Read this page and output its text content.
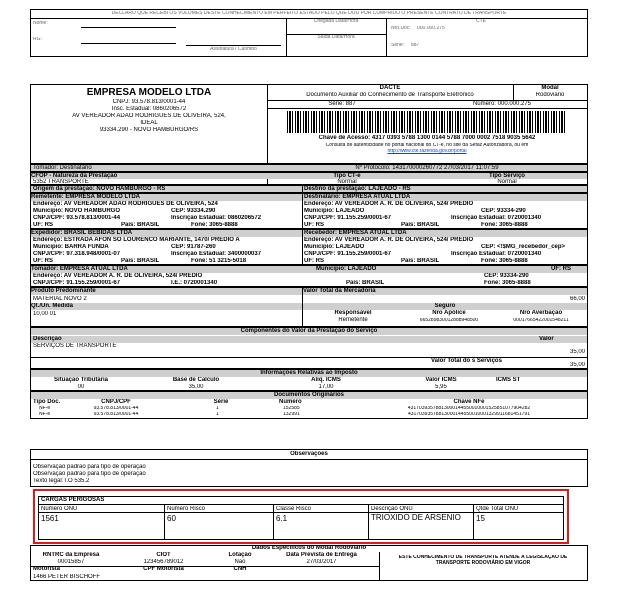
DECLARO QUE RECEBI OS VOLUMES DESTE CONHECIMENTO EM PERFEITO ESTADO PELO QUE DOU POR CUMPRIDO O PRESENTE CONTRATO DE TRANSPORTE
Nome:
RG:
Assinatura / Carimbo
Chegada Data/Hora
Saída Data/Hora
CTE
Nro.Doc: 000.000.275
Série: 887
EMPRESA MODELO LTDA
CNPJ: 93.578.813/0001-44
Insc. Estadual: 0860206572
AV VEREADOR ADAO RODRIGUES DE OLIVEIRA, 524,
IDEAL
93334.290 - NOVO HAMBURGO/RS
DACTE
Documento Auxiliar do Conhecimento de Transporte Eletrônico
Modal
Rodoviário
Série: 887	Número: 000.000.275
Chave de Acesso: 4317 0393 5788 1300 0144 5788 7000 0002 7518 9035 5642
Consulta de autenticidade no portal nacional do CT-e, no site da Sefaz Autorizadora, ou em
http://www.cte.fazenda.gov.br/portal
Tomador: Destinatário	Nº Protocolo: 143170000260772 27/03/2017 11:07:59
CFOP - Natureza da Prestação
5352 TRANSPORTE
Tipo CT-e
Normal
Tipo Serviço
Normal
Origem da prestação: NOVO HAMBURGO - RS	Destino da prestação: LAJEADO - RS
Remetente: EMPRESA MODELO LTDA
Endereço: AV VEREADOR ADAO RODRIGUES DE OLIVEIRA, 524
Município: NOVO HAMBURGO	CEP: 93334.290
CNPJ/CPF: 93.578.813/0001-44	Inscrição Estadual: 0860206572
UF: RS	País: BRASIL	Fone: 3065-8888
Destinatário: EMPRESA ATUAL LTDA
Endereço: AV VEREADOR A. R. DE OLIVEIRA, 524/ PREDIO
Município: LAJEADO	CEP: 93334-290
CNPJ/CPF: 91.155.259/0001-67	Inscrição Estadual: 0720001340
UF: RS	País: BRASIL	Fone: 3065-8888
Expedidor: BRASIL BEBIDAS LTDA
Endereço: ESTRADA AFON SO LOURENCO MARIANTE, 1470/ PREDIO A
Município: BARRA FUNDA	CEP: 91787-260
CNPJ/CPF: 97.318.948/0001-07	Inscrição Estadual: 3400000037
UF: RS	País: BRASIL	Fone: 51 3215-5018
Recebedor: EMPRESA ATUAL LTDA
Endereço: AV VEREADOR A. R. DE OLIVEIRA, 524/ PREDIO
Município: LAJEADO	CEP: <!$MG_recebedor_cep>
CNPJ/CPF: 91.155.259/0001-67	Inscrição Estadual: 0720001340
UF: RS	País: BRASIL	Fone: 3065-8888
Tomador: EMPRESA ATUAL LTDA	Município: LAJEADO	UF: RS
Endereço: AV VEREADOR A. R. DE OLIVEIRA, 524/ PREDIO	CEP: 93334-290
CNPJ/CPF: 91.155.259/0001-67	I.E.: 0720001340	País: BRASIL	Fone: 3065-8888
Produto Predominante
MATERIAL NOVO 2
Qt./Un. Medida
10,00 01
Valor Total da Mercadoria
66,00
Seguro
Responsável	Nro Apólice	Nro Averbação
Remetente	665289830012888948500	00017665422001548211
Componentes do Valor da Prestação do Serviço
Descrição	Valor
SERVIÇOS DE TRANSPORTE
35,00
Valor Total do s Serviços
35,00
Informações Relativas ao Imposto
Situação Tributária	Base de Calculo	Aliq. ICMS	Valor ICMS	ICMS ST
00	35,00	17,00	5,95
Documentos Originários
Tipo Doc.	CNPJ/CPF	Série	Número	Chave NFe
NF-e	93.578.813/0001-44	1	152585	43170393578813000144550010001525851077904282
NF-e	93.578.813/0001-44	1	132991	43170393578813000144550010001329911681451791
Observações
Observação padrão para tipo de operação
Observação padrão para tipo de operação
Texto legal:T.O 535.2
CARGAS PERIGOSAS
Número ONU	Número Risco	Classe Risco	Descrição ONU	Qtde Total ONU
1561	60	6.1	TRIOXIDO DE ARSENIO 15
Dados Específicos do Modal Rodoviário
RNTRC da Empresa	CIOT	Lotação	Data Prevista de Entrega
00015857	123456789012	Não	27/03/2017
ESTE CONHECIMENTO DE TRANSPORTE ATENDE À LEGISLAÇÃO DE TRANSPORTE RODOVIÁRIO EM VIGOR
Motorista	CPF Motorista	CNH
1466 PETER BISCHOFF
